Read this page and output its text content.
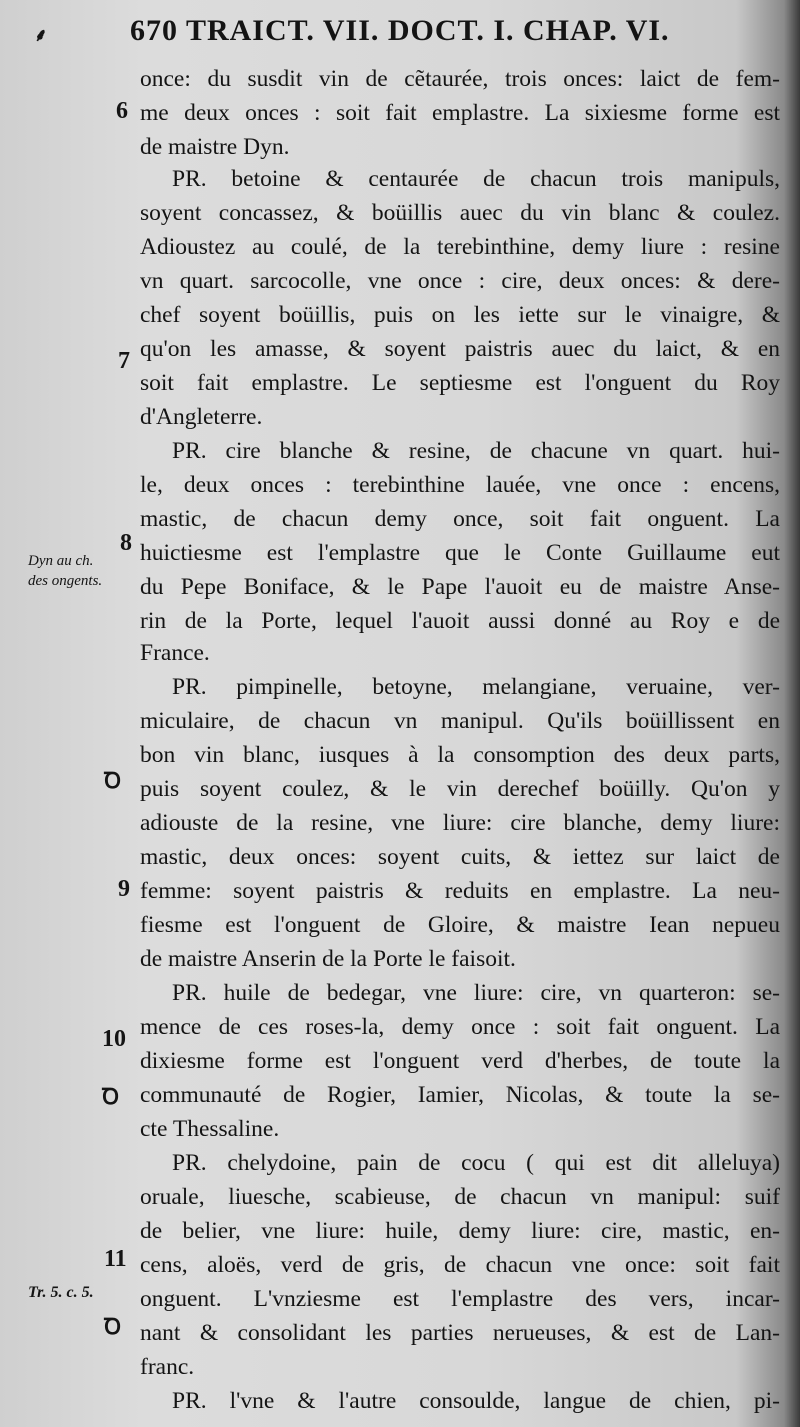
670 TRAICT. VII. DOCT. I. CHAP. VI.
⸙
once: du susdit vin de cẽtaurée, trois onces: laict de fem-
me deux onces : soit fait emplastre. La sixiesme forme est
de maistre Dyn.
PR. betoine & centaurée de chacun trois manipuls,
soyent concassez, & boüillis auec du vin blanc & coulez.
Adioustez au coulé, de la terebinthine, demy liure : resine
vn quart. sarcocolle, vne once : cire, deux onces: & dere-
chef soyent boüillis, puis on les iette sur le vinaigre, &
qu'on les amasse, & soyent paistris auec du laict, & en
soit fait emplastre. Le septiesme est l'onguent du Roy
d'Angleterre.
PR. cire blanche & resine, de chacune vn quart. hui-
le, deux onces : terebinthine lauée, vne once : encens,
mastic, de chacun demy once, soit fait onguent. La
huictiesme est l'emplastre que le Conte Guillaume eut
du Pepe Boniface, & le Pape l'auoit eu de maistre Anse-
rin de la Porte, lequel l'auoit aussi donné au Roy e de
France.
PR. pimpinelle, betoyne, melangiane, veruaine, ver-
miculaire, de chacun vn manipul. Qu'ils boüillissent en
bon vin blanc, iusques à la consomption des deux parts,
puis soyent coulez, & le vin derechef boüilly. Qu'on y
adiouste de la resine, vne liure: cire blanche, demy liure:
mastic, deux onces: soyent cuits, & iettez sur laict de
femme: soyent paistris & reduits en emplastre. La neu-
fiesme est l'onguent de Gloire, & maistre Iean nepueu
de maistre Anserin de la Porte le faisoit.
PR. huile de bedegar, vne liure: cire, vn quarteron: se-
mence de ces roses-la, demy once : soit fait onguent. La
dixiesme forme est l'onguent verd d'herbes, de toute la
communauté de Rogier, Iamier, Nicolas, & toute la se-
cte Thessaline.
PR. chelydoine, pain de cocu ( qui est dit alleluya)
oruale, liuesche, scabieuse, de chacun vn manipul: suif
de belier, vne liure: huile, demy liure: cire, mastic, en-
cens, aloës, verd de gris, de chacun vne once: soit fait
onguent. L'vnziesme est l'emplastre des vers, incar-
nant & consolidant les parties nerueuses, & est de Lan-
franc.
PR. l'vne & l'autre consoulde, langue de chien, pi-
6
7
8
Dyn au ch.
des ongents.
Ꝺ
9
10
Ꝺ
11
Tr. 5. c. 5.
Ꝺ
